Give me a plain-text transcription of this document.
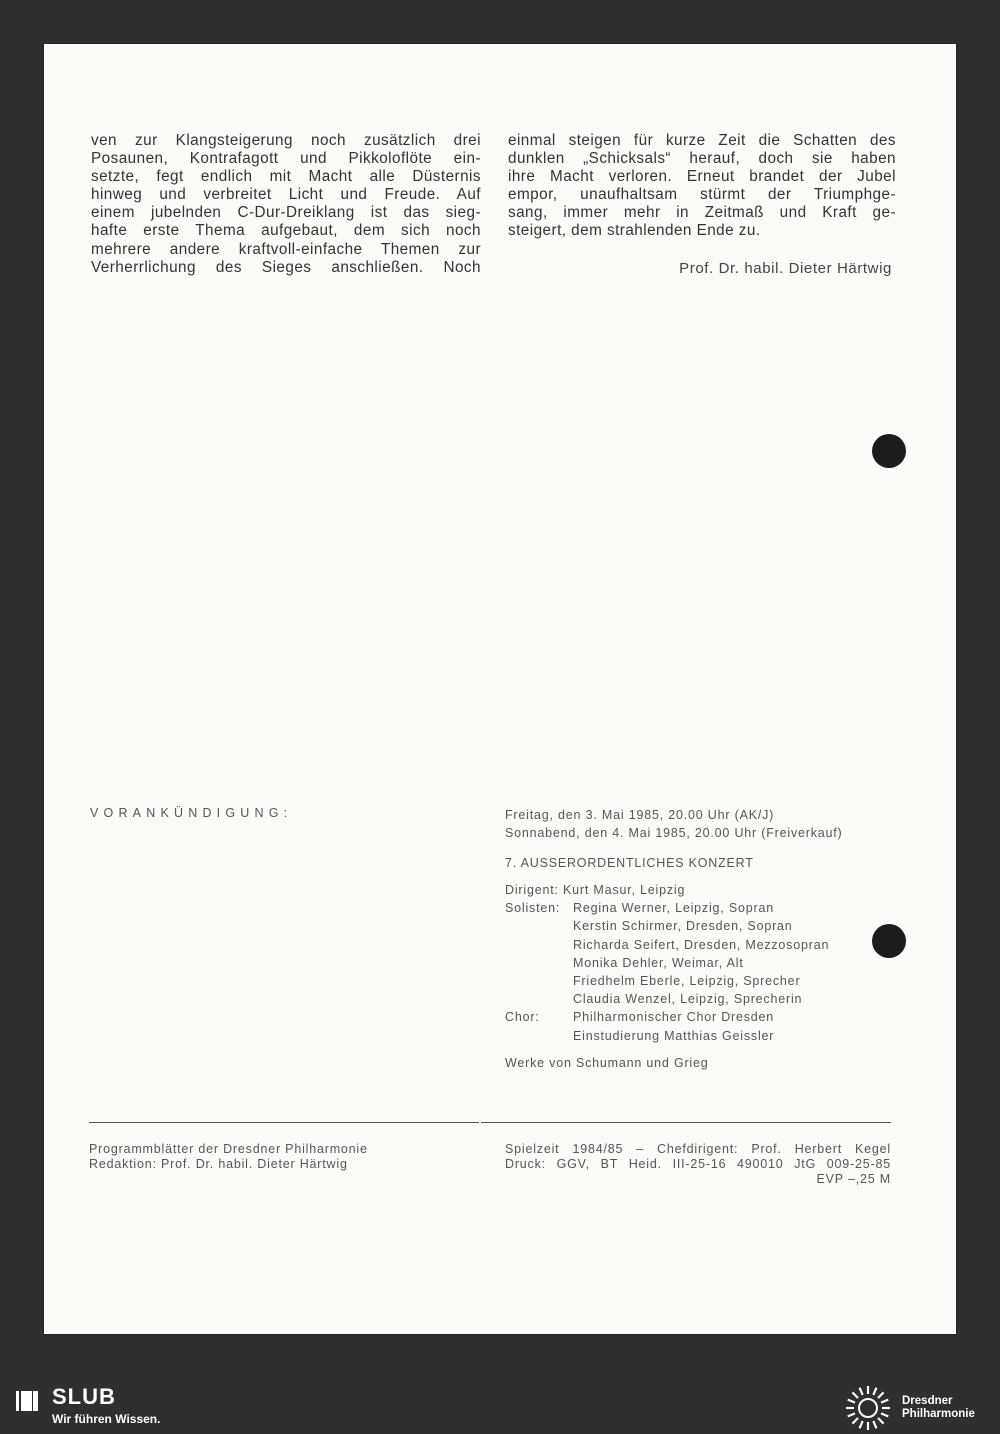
ven zur Klangsteigerung noch zusätzlich drei

Posaunen, Kontrafagott und Pikkoloflöte ein-

setzte, fegt endlich mit Macht alle Düsternis

hinweg und verbreitet Licht und Freude. Auf

einem jubelnden C-Dur-Dreiklang ist das sieg-

hafte erste Thema aufgebaut, dem sich noch

mehrere andere kraftvoll-einfache Themen zur

Verherrlichung des Sieges anschließen. Noch

einmal steigen für kurze Zeit die Schatten des

dunklen „Schicksals“ herauf, doch sie haben

ihre Macht verloren. Erneut brandet der Jubel

empor, unaufhaltsam stürmt der Triumphge-

sang, immer mehr in Zeitmaß und Kraft ge-

steigert, dem strahlenden Ende zu.

Prof. Dr. habil. Dieter Härtwig
VORANKÜNDIGUNG:	Freitag, den 3. Mai 1985, 20.00 Uhr (AK/J)
Sonnabend, den 4. Mai 1985, 20.00 Uhr (Freiverkauf)
7. AUSSERORDENTLICHES KONZERT
Dirigent: Kurt Masur, Leipzig
Solisten: Regina Werner, Leipzig, Sopran
Kerstin Schirmer, Dresden, Sopran
Richarda Seifert, Dresden, Mezzosopran
Monika Dehler, Weimar, Alt
Friedhelm Eberle, Leipzig, Sprecher
Claudia Wenzel, Leipzig, Sprecherin
Chor:	Philharmonischer Chor Dresden
Einstudierung Matthias Geissler
Werke von Schumann und Grieg
Programmblätter der Dresdner Philharmonie
Redaktion: Prof. Dr. habil. Dieter Härtwig
Spielzeit 1984/85 – Chefdirigent: Prof. Herbert Kegel
Druck: GGV, BT Heid. III-25-16 490010 JtG 009-25-85
EVP –,25 M
SLUB
Wir führen Wissen.
Dresdner
Philharmonie
